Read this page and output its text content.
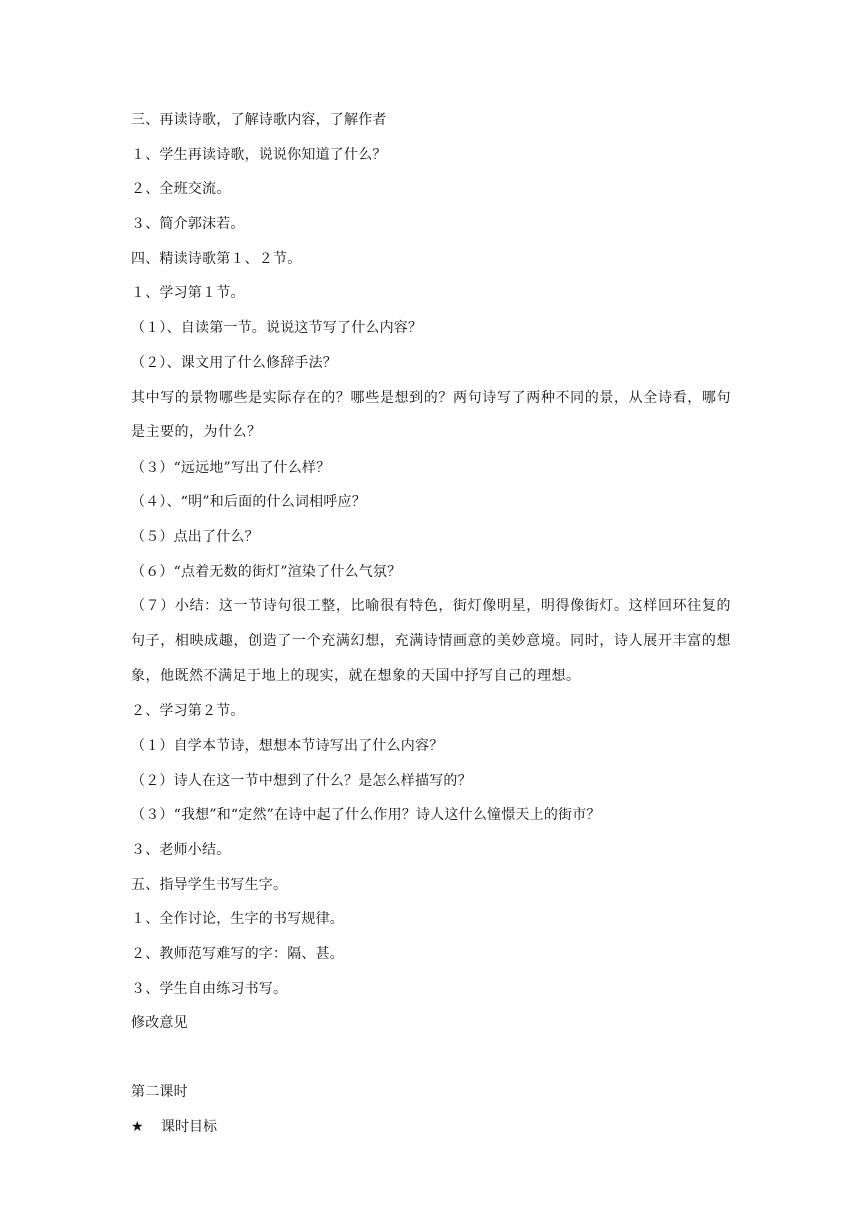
三、再读诗歌，了解诗歌内容，了解作者
１、学生再读诗歌，说说你知道了什么？
２、全班交流。
３、简介郭沫若。
四、精读诗歌第１、２节。
１、学习第１节。
（１）、自读第一节。说说这节写了什么内容？
（２）、课文用了什么修辞手法？
其中写的景物哪些是实际存在的？哪些是想到的？两句诗写了两种不同的景，从全诗看，哪句是主要的，为什么？
（３）“远远地”写出了什么样？
（４）、“明”和后面的什么词相呼应？
（５）点出了什么？
（６）“点着无数的街灯”渲染了什么气氛？
（７）小结：这一节诗句很工整，比喻很有特色，街灯像明星，明得像街灯。这样回环往复的句子，相映成趣，创造了一个充满幻想，充满诗情画意的美妙意境。同时，诗人展开丰富的想象，他既然不满足于地上的现实，就在想象的天国中抒写自己的理想。
２、学习第２节。
（１）自学本节诗，想想本节诗写出了什么内容？
（２）诗人在这一节中想到了什么？是怎么样描写的？
（３）“我想”和“定然”在诗中起了什么作用？诗人这什么憧憬天上的街市？
３、老师小结。
五、指导学生书写生字。
１、全作讨论，生字的书写规律。
２、教师范写难写的字：隔、甚。
３、学生自由练习书写。
修改意见
第二课时
★ 课时目标
